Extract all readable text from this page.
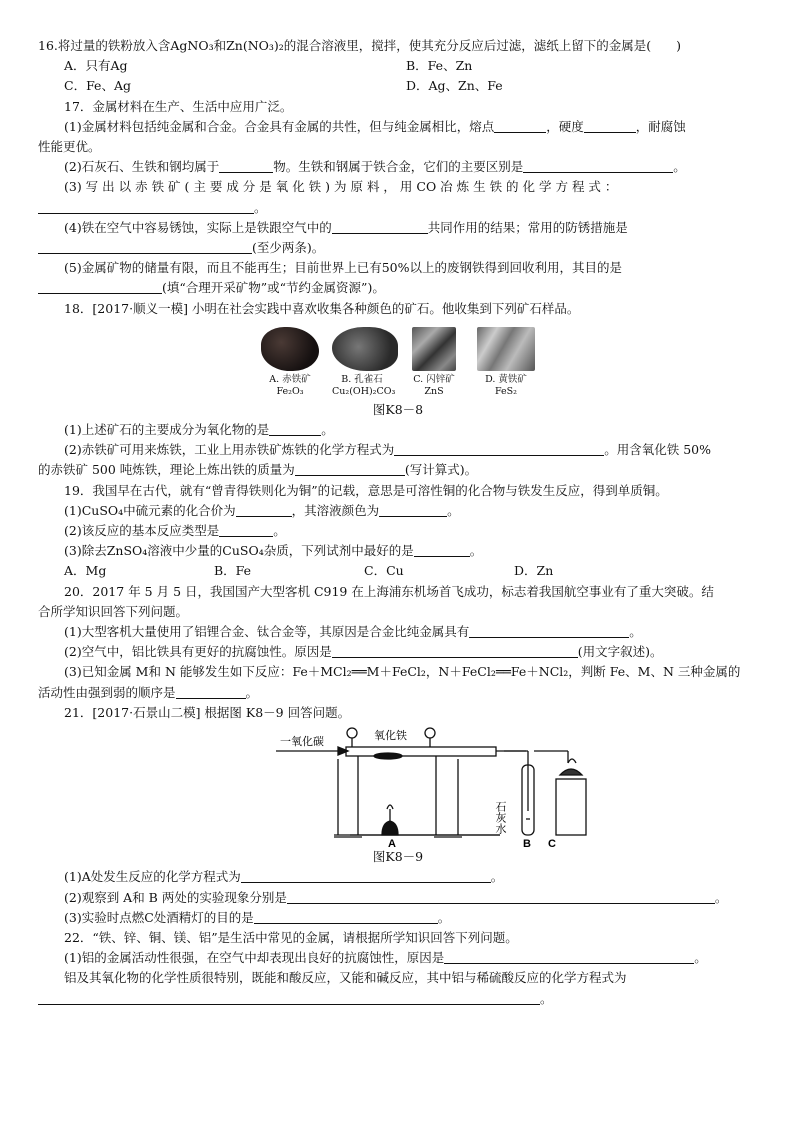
16.将过量的铁粉放入含AgNO₃和Zn(NO₃)₂的混合溶液里，搅拌，使其充分反应后过滤，滤纸上留下的金属是(　　)
A．只有Ag	B．Fe、Zn
C．Fe、Ag	D．Ag、Zn、Fe
17．金属材料在生产、生活中应用广泛。
(1)金属材料包括纯金属和合金。合金具有金属的共性，但与纯金属相比，熔点	，硬度	，耐腐蚀
性能更优。
(2)石灰石、生铁和钢均属于	物。生铁和钢属于铁合金，它们的主要区别是	。
(3) 写 出 以 赤 铁 矿 ( 主 要 成 分 是 氧 化 铁 ) 为 原 料 ， 用 CO 冶 炼 生 铁 的 化 学 方 程 式 ：
。
(4)铁在空气中容易锈蚀，实际上是铁跟空气中的	共同作用的结果；常用的防锈措施是
(至少两条)。
(5)金属矿物的储量有限，而且不能再生；目前世界上已有50%以上的废钢铁得到回收利用，其目的是
(填“合理开采矿物”或“节约金属资源”)。
18．[2017·顺义一模] 小明在社会实践中喜欢收集各种颜色的矿石。他收集到下列矿石样品。
A. 赤铁矿
Fe₂O₃
B. 孔雀石
Cu₂(OH)₂CO₃
C. 闪锌矿
ZnS
D. 黄铁矿
FeS₂
图K8－8
(1)上述矿石的主要成分为氧化物的是	。
(2)赤铁矿可用来炼铁，工业上用赤铁矿炼铁的化学方程式为	。用含氧化铁 50%
的赤铁矿 500 吨炼铁，理论上炼出铁的质量为	(写计算式)。
19．我国早在古代，就有“曾青得铁则化为铜”的记载，意思是可溶性铜的化合物与铁发生反应，得到单质铜。
(1)CuSO₄中硫元素的化合价为	，其溶液颜色为	。
(2)该反应的基本反应类型是	。
(3)除去ZnSO₄溶液中少量的CuSO₄杂质，下列试剂中最好的是	。
A．Mg	B．Fe	C．Cu	D．Zn
20．2017 年 5 月 5 日，我国国产大型客机 C919 在上海浦东机场首飞成功，标志着我国航空事业有了重大突破。结
合所学知识回答下列问题。
(1)大型客机大量使用了铝锂合金、钛合金等，其原因是合金比纯金属具有	。
(2)空气中，铝比铁具有更好的抗腐蚀性。原因是	(用文字叙述)。
(3)已知金属 M和 N 能够发生如下反应：Fe＋MCl₂══M＋FeCl₂，N＋FeCl₂══Fe＋NCl₂，判断 Fe、M、N 三种金属的
活动性由强到弱的顺序是	。
21．[2017·石景山二模] 根据图 K8－9 回答问题。
一氧化碳	氧化铁
石灰水
A	B C
图K8－9
(1)A处发生反应的化学方程式为	。
(2)观察到 A和 B 两处的实验现象分别是	。
(3)实验时点燃C处酒精灯的目的是	。
22．“铁、锌、铜、镁、铝”是生活中常见的金属，请根据所学知识回答下列问题。
(1)铝的金属活动性很强，在空气中却表现出良好的抗腐蚀性，原因是	。
铝及其氧化物的化学性质很特别，既能和酸反应，又能和碱反应，其中铝与稀硫酸反应的化学方程式为
。
